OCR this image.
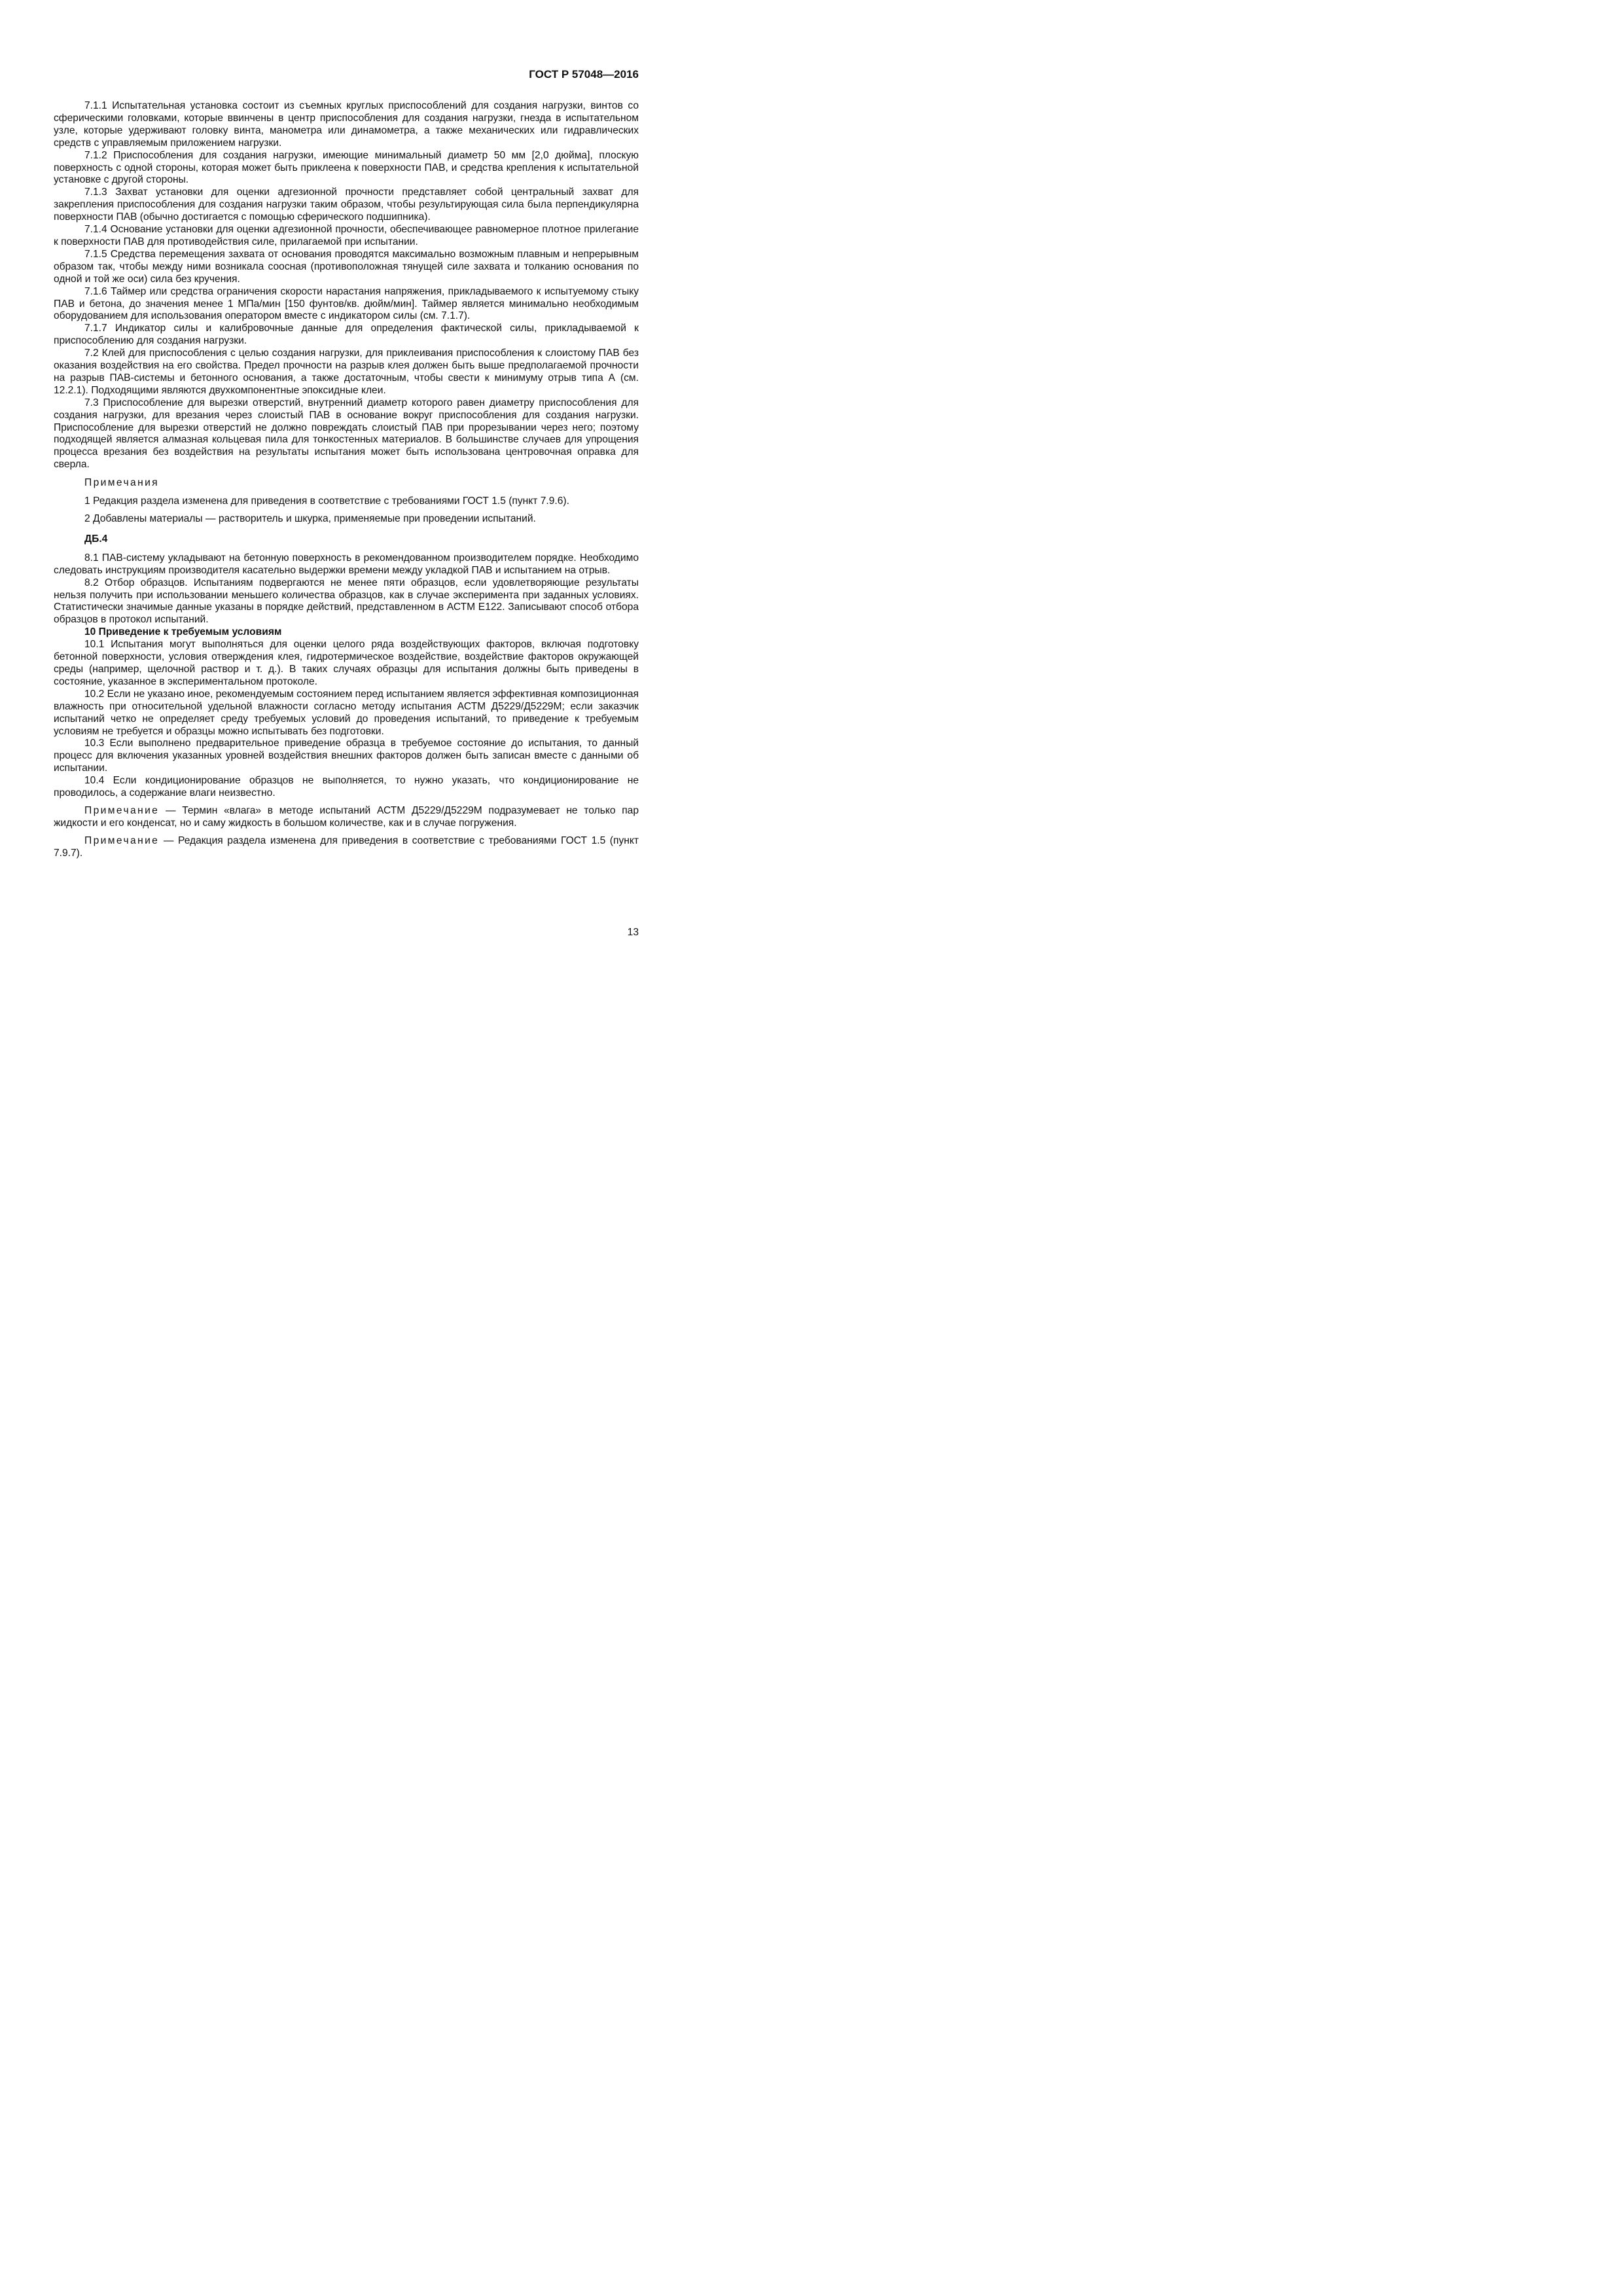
ГОСТ Р 57048—2016

7.1.1 Испытательная установка состоит из съемных круглых приспособлений для создания нагрузки, винтов со сферическими головками, которые ввинчены в центр приспособления для создания нагрузки, гнезда в испытательном узле, которые удерживают головку винта, манометра или динамометра, а также механических или гидравлических средств с управляемым приложением нагрузки.

7.1.2 Приспособления для создания нагрузки, имеющие минимальный диаметр 50 мм [2,0 дюйма], плоскую поверхность с одной стороны, которая может быть приклеена к поверхности ПАВ, и средства крепления к испытательной установке с другой стороны.

7.1.3 Захват установки для оценки адгезионной прочности представляет собой центральный захват для закрепления приспособления для создания нагрузки таким образом, чтобы результирующая сила была перпендикулярна поверхности ПАВ (обычно достигается с помощью сферического подшипника).

7.1.4 Основание установки для оценки адгезионной прочности, обеспечивающее равномерное плотное прилегание к поверхности ПАВ для противодействия силе, прилагаемой при испытании.

7.1.5 Средства перемещения захвата от основания проводятся максимально возможным плавным и непрерывным образом так, чтобы между ними возникала соосная (противоположная тянущей силе захвата и толканию основания по одной и той же оси) сила без кручения.

7.1.6 Таймер или средства ограничения скорости нарастания напряжения, прикладываемого к испытуемому стыку ПАВ и бетона, до значения менее 1 МПа/мин [150 фунтов/кв. дюйм/мин]. Таймер является минимально необходимым оборудованием для использования оператором вместе с индикатором силы (см. 7.1.7).

7.1.7 Индикатор силы и калибровочные данные для определения фактической силы, прикладываемой к приспособлению для создания нагрузки.

7.2 Клей для приспособления с целью создания нагрузки, для приклеивания приспособления к слоистому ПАВ без оказания воздействия на его свойства. Предел прочности на разрыв клея должен быть выше предполагаемой прочности на разрыв ПАВ-системы и бетонного основания, а также достаточным, чтобы свести к минимуму отрыв типа А (см. 12.2.1). Подходящими являются двухкомпонентные эпоксидные клеи.

7.3 Приспособление для вырезки отверстий, внутренний диаметр которого равен диаметру приспособления для создания нагрузки, для врезания через слоистый ПАВ в основание вокруг приспособления для создания нагрузки. Приспособление для вырезки отверстий не должно повреждать слоистый ПАВ при прорезывании через него; поэтому подходящей является алмазная кольцевая пила для тонкостенных материалов. В большинстве случаев для упрощения процесса врезания без воздействия на результаты испытания может быть использована центровочная оправка для сверла.

Примечания

1 Редакция раздела изменена для приведения в соответствие с требованиями ГОСТ 1.5 (пункт 7.9.6).

2 Добавлены материалы — растворитель и шкурка, применяемые при проведении испытаний.

ДБ.4

8.1 ПАВ-систему укладывают на бетонную поверхность в рекомендованном производителем порядке. Необходимо следовать инструкциям производителя касательно выдержки времени между укладкой ПАВ и испытанием на отрыв.

8.2 Отбор образцов. Испытаниям подвергаются не менее пяти образцов, если удовлетворяющие результаты нельзя получить при использовании меньшего количества образцов, как в случае эксперимента при заданных условиях. Статистически значимые данные указаны в порядке действий, представленном в АСТМ Е122. Записывают способ отбора образцов в протокол испытаний.

10 Приведение к требуемым условиям

10.1 Испытания могут выполняться для оценки целого ряда воздействующих факторов, включая подготовку бетонной поверхности, условия отверждения клея, гидротермическое воздействие, воздействие факторов окружающей среды (например, щелочной раствор и т. д.). В таких случаях образцы для испытания должны быть приведены в состояние, указанное в экспериментальном протоколе.

10.2 Если не указано иное, рекомендуемым состоянием перед испытанием является эффективная композиционная влажность при относительной удельной влажности согласно методу испытания АСТМ Д5229/Д5229М; если заказчик испытаний четко не определяет среду требуемых условий до проведения испытаний, то приведение к требуемым условиям не требуется и образцы можно испытывать без подготовки.

10.3 Если выполнено предварительное приведение образца в требуемое состояние до испытания, то данный процесс для включения указанных уровней воздействия внешних факторов должен быть записан вместе с данными об испытании.

10.4 Если кондиционирование образцов не выполняется, то нужно указать, что кондиционирование не проводилось, а содержание влаги неизвестно.

Примечание — Термин «влага» в методе испытаний АСТМ Д5229/Д5229М подразумевает не только пар жидкости и его конденсат, но и саму жидкость в большом количестве, как и в случае погружения.

Примечание — Редакция раздела изменена для приведения в соответствие с требованиями ГОСТ 1.5 (пункт 7.9.7).

13
